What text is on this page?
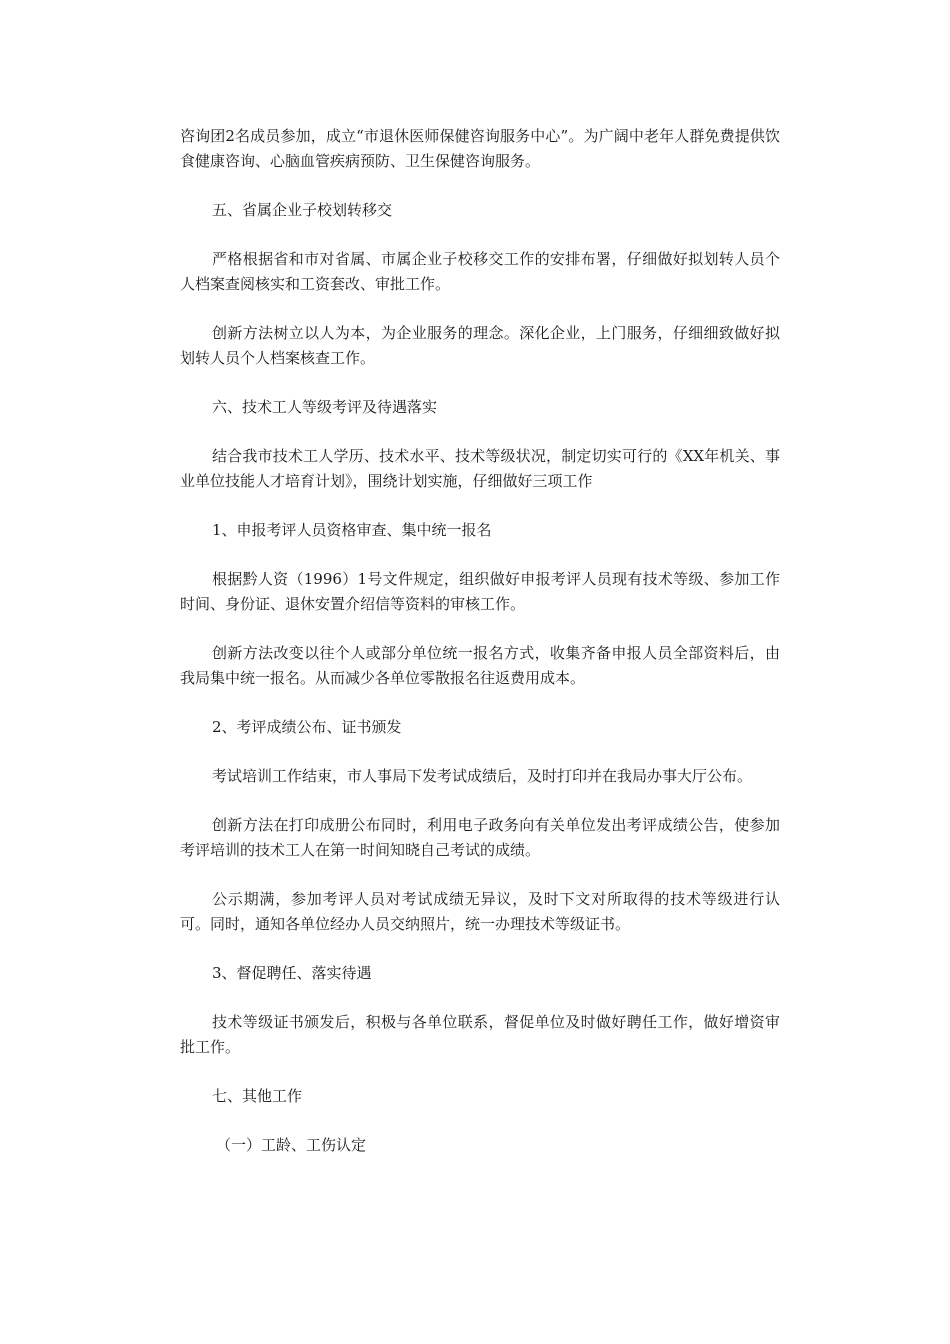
咨询团2名成员参加，成立“市退休医师保健咨询服务中心”。为广阔中老年人群免费提供饮食健康咨询、心脑血管疾病预防、卫生保健咨询服务。

五、省属企业子校划转移交

严格根据省和市对省属、市属企业子校移交工作的安排布署，仔细做好拟划转人员个人档案查阅核实和工资套改、审批工作。

创新方法树立以人为本，为企业服务的理念。深化企业，上门服务，仔细细致做好拟划转人员个人档案核查工作。

六、技术工人等级考评及待遇落实

结合我市技术工人学历、技术水平、技术等级状况，制定切实可行的《XX年机关、事业单位技能人才培育计划》，围绕计划实施，仔细做好三项工作

1、申报考评人员资格审查、集中统一报名

根据黔人资（1996）1号文件规定，组织做好申报考评人员现有技术等级、参加工作时间、身份证、退休安置介绍信等资料的审核工作。

创新方法改变以往个人或部分单位统一报名方式，收集齐备申报人员全部资料后，由我局集中统一报名。从而减少各单位零散报名往返费用成本。

2、考评成绩公布、证书颁发

考试培训工作结束，市人事局下发考试成绩后，及时打印并在我局办事大厅公布。

创新方法在打印成册公布同时，利用电子政务向有关单位发出考评成绩公告，使参加考评培训的技术工人在第一时间知晓自己考试的成绩。

公示期满，参加考评人员对考试成绩无异议，及时下文对所取得的技术等级进行认可。同时，通知各单位经办人员交纳照片，统一办理技术等级证书。

3、督促聘任、落实待遇

技术等级证书颁发后，积极与各单位联系，督促单位及时做好聘任工作，做好增资审批工作。

七、其他工作

（一）工龄、工伤认定
